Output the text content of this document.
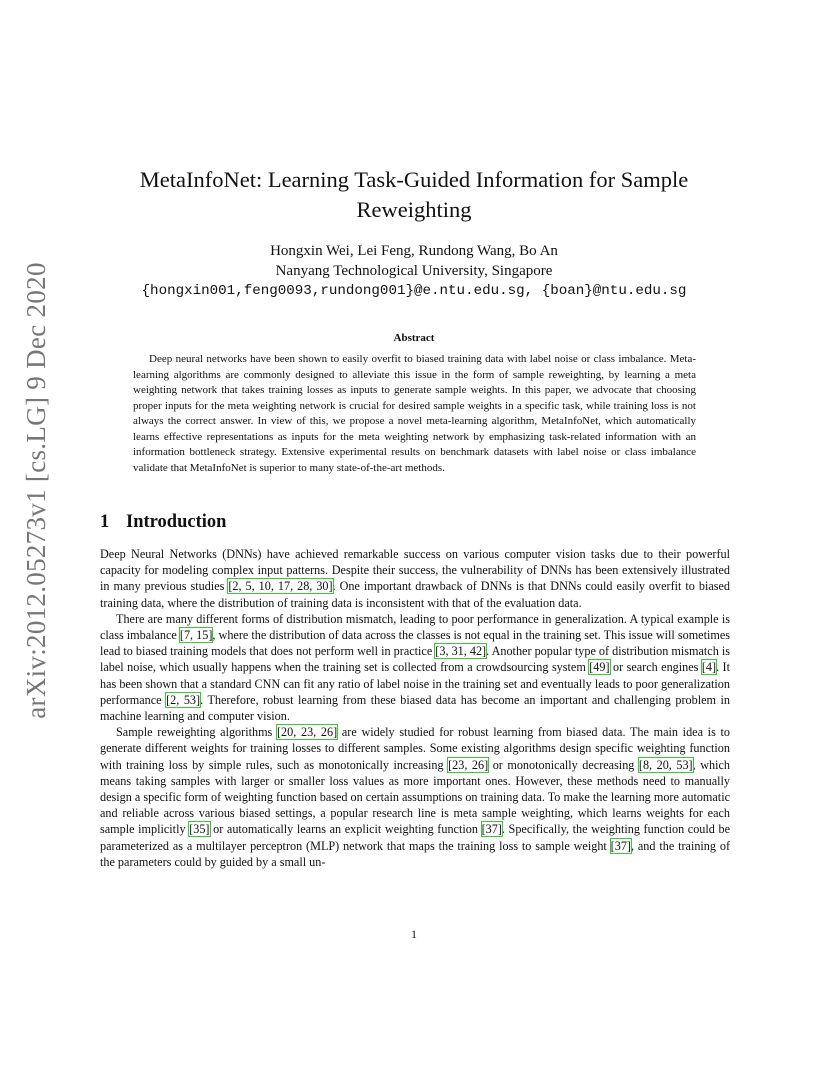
arXiv:2012.05273v1 [cs.LG] 9 Dec 2020
MetaInfoNet: Learning Task-Guided Information for Sample
Reweighting
Hongxin Wei, Lei Feng, Rundong Wang, Bo An
Nanyang Technological University, Singapore
{hongxin001,feng0093,rundong001}@e.ntu.edu.sg, {boan}@ntu.edu.sg
Abstract
Deep neural networks have been shown to easily overfit to biased training data with label noise or class imbalance. Meta-learning algorithms are commonly designed to alleviate this issue in the form of sample reweighting, by learning a meta weighting network that takes training losses as inputs to generate sample weights. In this paper, we advocate that choosing proper inputs for the meta weighting network is crucial for desired sample weights in a specific task, while training loss is not always the correct answer. In view of this, we propose a novel meta-learning algorithm, MetaInfoNet, which automatically learns effective representations as inputs for the meta weighting network by emphasizing task-related information with an information bottleneck strategy. Extensive experimental results on benchmark datasets with label noise or class imbalance validate that MetaInfoNet is superior to many state-of-the-art methods.
1 Introduction

Deep Neural Networks (DNNs) have achieved remarkable success on various computer vision tasks due to their powerful capacity for modeling complex input patterns. Despite their success, the vulnerability of DNNs has been extensively illustrated in many previous studies [2, 5, 10, 17, 28, 30]. One important drawback of DNNs is that DNNs could easily overfit to biased training data, where the distribution of training data is inconsistent with that of the evaluation data.

There are many different forms of distribution mismatch, leading to poor performance in generalization. A typical example is class imbalance [7, 15], where the distribution of data across the classes is not equal in the training set. This issue will sometimes lead to biased training models that does not perform well in practice [3, 31, 42]. Another popular type of distribution mismatch is label noise, which usually happens when the training set is collected from a crowdsourcing system [49] or search engines [4]. It has been shown that a standard CNN can fit any ratio of label noise in the training set and eventually leads to poor generalization performance [2, 53]. Therefore, robust learning from these biased data has become an important and challenging problem in machine learning and computer vision.

Sample reweighting algorithms [20, 23, 26] are widely studied for robust learning from biased data. The main idea is to generate different weights for training losses to different samples. Some existing algorithms design specific weighting function with training loss by simple rules, such as monotonically increasing [23, 26] or monotonically decreasing [8, 20, 53], which means taking samples with larger or smaller loss values as more important ones. However, these methods need to manually design a specific form of weighting function based on certain assumptions on training data. To make the learning more automatic and reliable across various biased settings, a popular research line is meta sample weighting, which learns weights for each sample implicitly [35] or automatically learns an explicit weighting function [37]. Specifically, the weighting function could be parameterized as a multilayer perceptron (MLP) network that maps the training loss to sample weight [37], and the training of the parameters could by guided by a small un-

1
